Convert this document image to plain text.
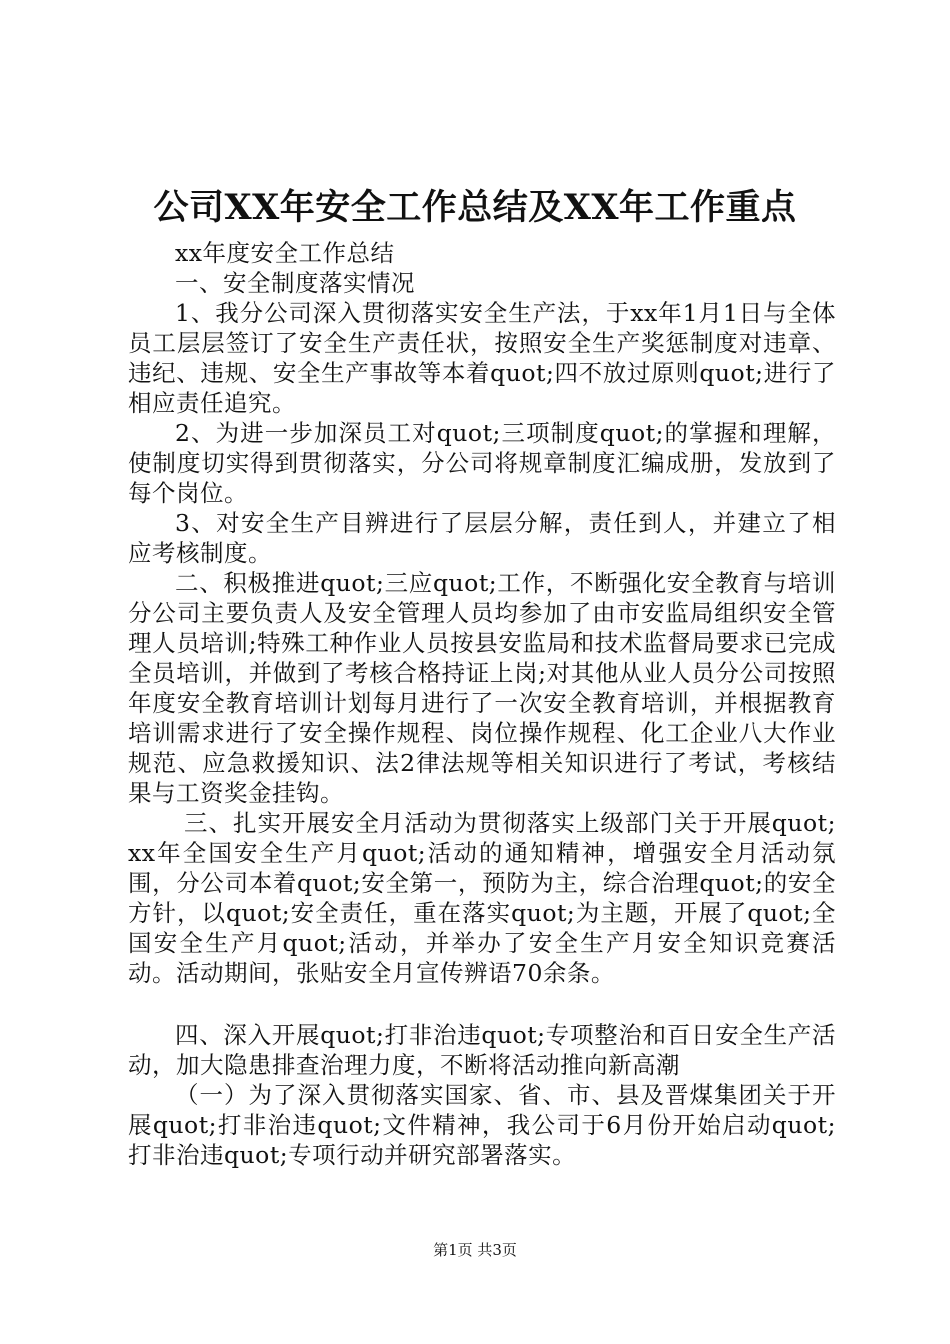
公司XX年安全工作总结及XX年工作重点

xx年度安全工作总结

一、安全制度落实情况

1、我分公司深入贯彻落实安全生产法，于xx年1月1日与全体员工层层签订了安全生产责任状，按照安全生产奖惩制度对违章、违纪、违规、安全生产事故等本着quot;四不放过原则quot;进行了相应责任追究。

2、为进一步加深员工对quot;三项制度quot;的掌握和理解，使制度切实得到贯彻落实，分公司将规章制度汇编成册，发放到了每个岗位。

3、对安全生产目辨进行了层层分解，责任到人，并建立了相应考核制度。

二、积极推进quot;三应quot;工作，不断强化安全教育与培训分公司主要负责人及安全管理人员均参加了由市安监局组织安全管理人员培训;特殊工种作业人员按县安监局和技术监督局要求已完成全员培训，并做到了考核合格持证上岗;对其他从业人员分公司按照年度安全教育培训计划每月进行了一次安全教育培训，并根据教育培训需求进行了安全操作规程、岗位操作规程、化工企业八大作业规范、应急救援知识、法2律法规等相关知识进行了考试，考核结果与工资奖金挂钩。

三、扎实开展安全月活动为贯彻落实上级部门关于开展quot;xx年全国安全生产月quot;活动的通知精神，增强安全月活动氛围，分公司本着quot;安全第一，预防为主，综合治理quot;的安全方针，以quot;安全责任，重在落实quot;为主题，开展了quot;全国安全生产月quot;活动，并举办了安全生产月安全知识竞赛活动。活动期间，张贴安全月宣传辨语70余条。

四、深入开展quot;打非治违quot;专项整治和百日安全生产活动，加大隐患排查治理力度，不断将活动推向新高潮

（一）为了深入贯彻落实国家、省、市、县及晋煤集团关于开展quot;打非治违quot;文件精神，我公司于6月份开始启动quot;打非治违quot;专项行动并研究部署落实。

第1页 共3页
